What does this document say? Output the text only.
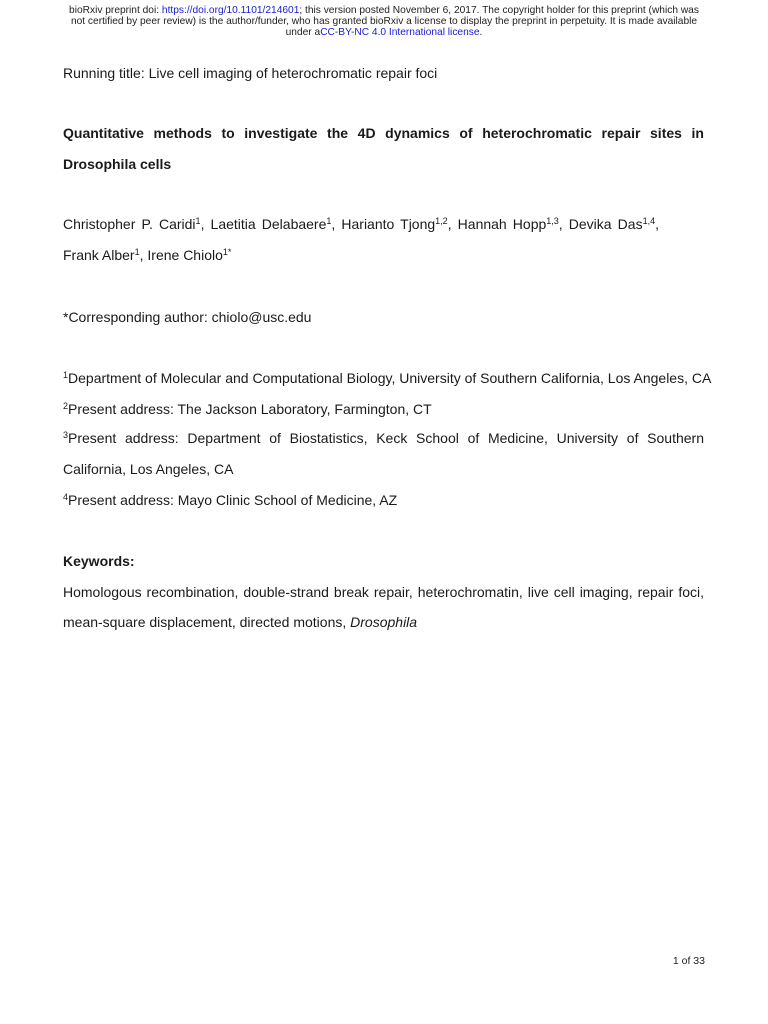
bioRxiv preprint doi: https://doi.org/10.1101/214601; this version posted November 6, 2017. The copyright holder for this preprint (which was
not certified by peer review) is the author/funder, who has granted bioRxiv a license to display the preprint in perpetuity. It is made available
under aCC-BY-NC 4.0 International license.
Running title: Live cell imaging of heterochromatic repair foci
Quantitative methods to investigate the 4D dynamics of heterochromatic repair sites in
Drosophila cells
Christopher P. Caridi$^1$, Laetitia Delabaere$^1$, Harianto Tjong$^{1,2}$, Hannah Hopp$^{1,3}$, Devika Das$^{1,4}$,
Frank Alber$^1$, Irene Chiolo$^{1*}$
*Corresponding author: chiolo@usc.edu
$^1$Department of Molecular and Computational Biology, University of Southern California, Los Angeles, CA
$^2$Present address: The Jackson Laboratory, Farmington, CT
$^3$Present address: Department of Biostatistics, Keck School of Medicine, University of Southern
California, Los Angeles, CA
$^4$Present address: Mayo Clinic School of Medicine, AZ
Keywords:
Homologous recombination, double-strand break repair, heterochromatin, live cell imaging, repair foci,
mean-square displacement, directed motions, Drosophila
1 of 33
